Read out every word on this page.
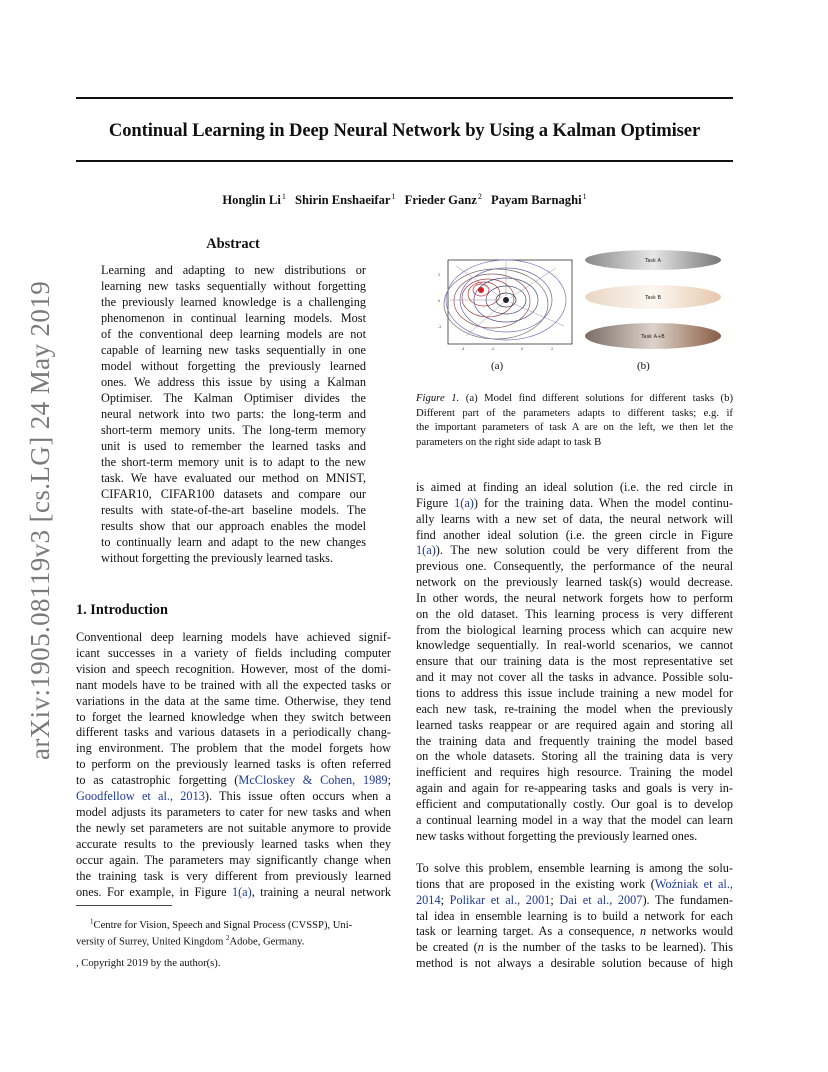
arXiv:1905.08119v3 [cs.LG] 24 May 2019
Continual Learning in Deep Neural Network by Using a Kalman Optimiser
Honglin Li$^1$ Shirin Enshaeifar$^1$ Frieder Ganz$^2$ Payam Barnaghi$^1$
Abstract
Learning and adapting to new distributions or
learning new tasks sequentially without forgetting
the previously learned knowledge is a challenging
phenomenon in continual learning models. Most
of the conventional deep learning models are not
capable of learning new tasks sequentially in one
model without forgetting the previously learned
ones. We address this issue by using a Kalman
Optimiser. The Kalman Optimiser divides the
neural network into two parts: the long-term and
short-term memory units. The long-term memory
unit is used to remember the learned tasks and
the short-term memory unit is to adapt to the new
task. We have evaluated our method on MNIST,
CIFAR10, CIFAR100 datasets and compare our
results with state-of-the-art baseline models. The
results show that our approach enables the model
to continually learn and adapt to the new changes
without forgetting the previously learned tasks.
1. Introduction
Conventional deep learning models have achieved signif-
icant successes in a variety of fields including computer
vision and speech recognition. However, most of the domi-
nant models have to be trained with all the expected tasks or
variations in the data at the same time. Otherwise, they tend
to forget the learned knowledge when they switch between
different tasks and various datasets in a periodically chang-
ing environment. The problem that the model forgets how
to perform on the previously learned tasks is often referred
to as catastrophic forgetting (McCloskey & Cohen, 1989;
Goodfellow et al., 2013). This issue often occurs when a
model adjusts its parameters to cater for new tasks and when
the newly set parameters are not suitable anymore to provide
accurate results to the previously learned tasks when they
occur again. The parameters may significantly change when
the training task is very different from previously learned
ones. For example, in Figure 1(a), training a neural network
$^1$Centre for Vision, Speech and Signal Process (CVSSP), Uni-
versity of Surrey, United Kingdom $^2$Adobe, Germany.
, Copyright 2019 by the author(s).
2
0
-2
-4	-2	0	2
Task A
Task B
Task A+B
(a)	(b)
Figure 1. (a) Model find different solutions for different tasks (b)
Different part of the parameters adapts to different tasks; e.g. if
the important parameters of task A are on the left, we then let the
parameters on the right side adapt to task B
is aimed at finding an ideal solution (i.e. the red circle in
Figure 1(a)) for the training data. When the model continu-
ally learns with a new set of data, the neural network will
find another ideal solution (i.e. the green circle in Figure
1(a)). The new solution could be very different from the
previous one. Consequently, the performance of the neural
network on the previously learned task(s) would decrease.
In other words, the neural network forgets how to perform
on the old dataset. This learning process is very different
from the biological learning process which can acquire new
knowledge sequentially. In real-world scenarios, we cannot
ensure that our training data is the most representative set
and it may not cover all the tasks in advance. Possible solu-
tions to address this issue include training a new model for
each new task, re-training the model when the previously
learned tasks reappear or are required again and storing all
the training data and frequently training the model based
on the whole datasets. Storing all the training data is very
inefficient and requires high resource. Training the model
again and again for re-appearing tasks and goals is very in-
efficient and computationally costly. Our goal is to develop
a continual learning model in a way that the model can learn
new tasks without forgetting the previously learned ones.
To solve this problem, ensemble learning is among the solu-
tions that are proposed in the existing work (Woźniak et al.,
2014; Polikar et al., 2001; Dai et al., 2007). The fundamen-
tal idea in ensemble learning is to build a network for each
task or learning target. As a consequence, n networks would
be created (n is the number of the tasks to be learned). This
method is not always a desirable solution because of high
